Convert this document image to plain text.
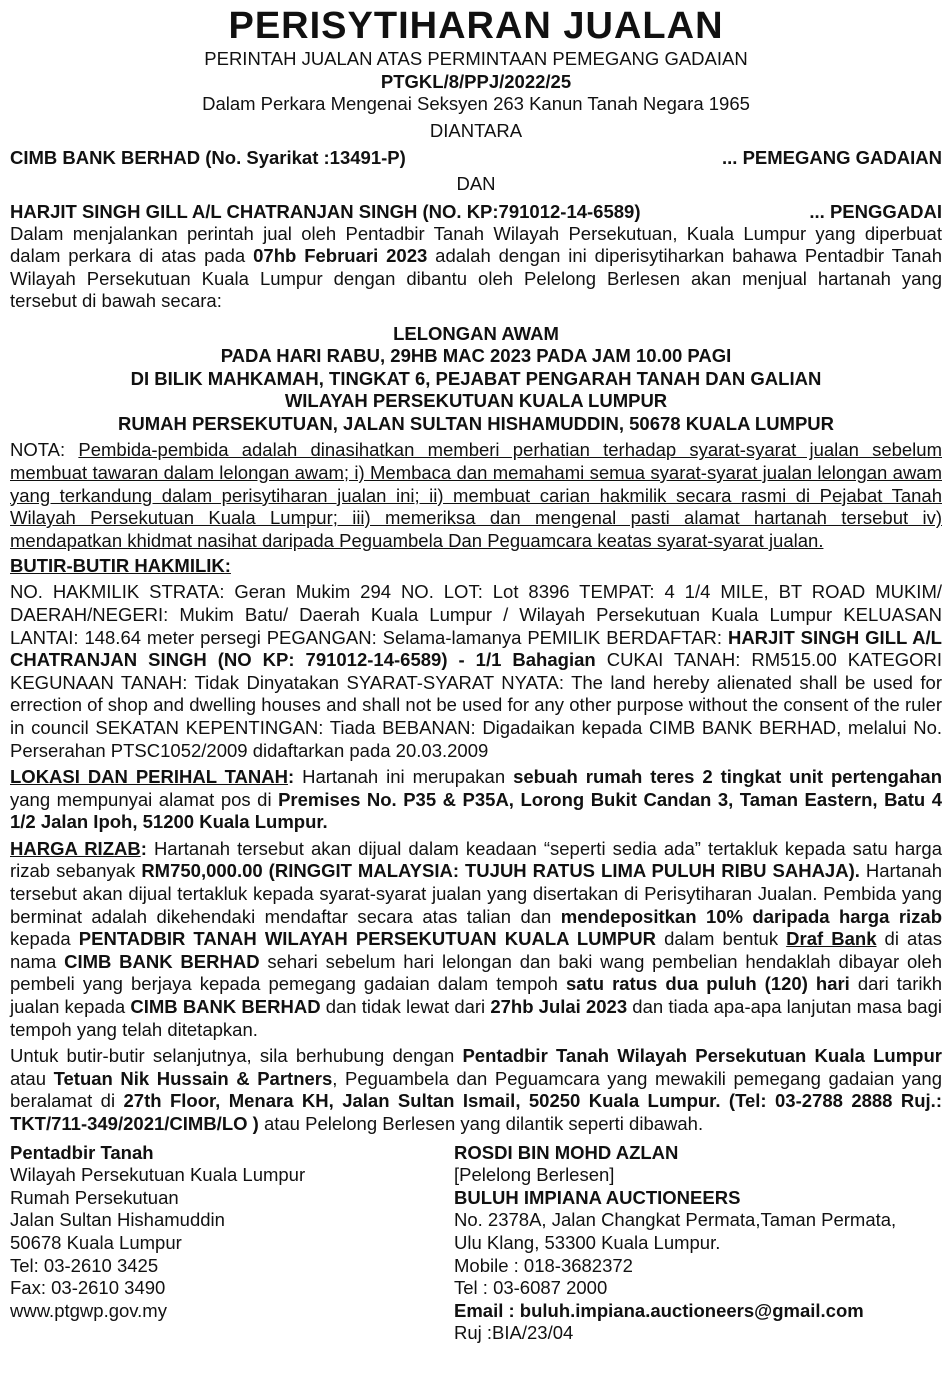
PERISYTIHARAN JUALAN
PERINTAH JUALAN ATAS PERMINTAAN PEMEGANG GADAIAN
PTGKL/8/PPJ/2022/25
Dalam Perkara Mengenai Seksyen 263 Kanun Tanah Negara 1965
DIANTARA
CIMB BANK BERHAD (No. Syarikat :13491-P)	... PEMEGANG GADAIAN
DAN
HARJIT SINGH GILL A/L CHATRANJAN SINGH (NO. KP:791012-14-6589)	... PENGGADAI

Dalam menjalankan perintah jual oleh Pentadbir Tanah Wilayah Persekutuan, Kuala Lumpur yang diperbuat dalam perkara di atas pada 07hb Februari 2023 adalah dengan ini diperisytiharkan bahawa Pentadbir Tanah Wilayah Persekutuan Kuala Lumpur dengan dibantu oleh Pelelong Berlesen akan menjual hartanah yang tersebut di bawah secara:

LELONGAN AWAM
PADA HARI RABU, 29HB MAC 2023 PADA JAM 10.00 PAGI
DI BILIK MAHKAMAH, TINGKAT 6, PEJABAT PENGARAH TANAH DAN GALIAN
WILAYAH PERSEKUTUAN KUALA LUMPUR
RUMAH PERSEKUTUAN, JALAN SULTAN HISHAMUDDIN, 50678 KUALA LUMPUR

NOTA: Pembida-pembida adalah dinasihatkan memberi perhatian terhadap syarat-syarat jualan sebelum membuat tawaran dalam lelongan awam; i) Membaca dan memahami semua syarat-syarat jualan lelongan awam yang terkandung dalam perisytiharan jualan ini; ii) membuat carian hakmilik secara rasmi di Pejabat Tanah Wilayah Persekutuan Kuala Lumpur; iii) memeriksa dan mengenal pasti alamat hartanah tersebut iv) mendapatkan khidmat nasihat daripada Peguambela Dan Peguamcara keatas syarat-syarat jualan.

BUTIR-BUTIR HAKMILIK:

NO. HAKMILIK STRATA: Geran Mukim 294 NO. LOT: Lot 8396 TEMPAT: 4 1/4 MILE, BT ROAD MUKIM/ DAERAH/NEGERI: Mukim Batu/ Daerah Kuala Lumpur / Wilayah Persekutuan Kuala Lumpur KELUASAN LANTAI: 148.64 meter persegi PEGANGAN: Selama-lamanya PEMILIK BERDAFTAR: HARJIT SINGH GILL A/L CHATRANJAN SINGH (NO KP: 791012-14-6589) - 1/1 Bahagian CUKAI TANAH: RM515.00 KATEGORI KEGUNAAN TANAH: Tidak Dinyatakan SYARAT-SYARAT NYATA: The land hereby alienated shall be used for errection of shop and dwelling houses and shall not be used for any other purpose without the consent of the ruler in council SEKATAN KEPENTINGAN: Tiada BEBANAN: Digadaikan kepada CIMB BANK BERHAD, melalui No. Perserahan PTSC1052/2009 didaftarkan pada 20.03.2009

LOKASI DAN PERIHAL TANAH: Hartanah ini merupakan sebuah rumah teres 2 tingkat unit pertengahan yang mempunyai alamat pos di Premises No. P35 & P35A, Lorong Bukit Candan 3, Taman Eastern, Batu 4 1/2 Jalan Ipoh, 51200 Kuala Lumpur.

HARGA RIZAB: Hartanah tersebut akan dijual dalam keadaan “seperti sedia ada” tertakluk kepada satu harga rizab sebanyak RM750,000.00 (RINGGIT MALAYSIA: TUJUH RATUS LIMA PULUH RIBU SAHAJA). Hartanah tersebut akan dijual tertakluk kepada syarat-syarat jualan yang disertakan di Perisytiharan Jualan. Pembida yang berminat adalah dikehendaki mendaftar secara atas talian dan mendepositkan 10% daripada harga rizab kepada PENTADBIR TANAH WILAYAH PERSEKUTUAN KUALA LUMPUR dalam bentuk Draf Bank di atas nama CIMB BANK BERHAD sehari sebelum hari lelongan dan baki wang pembelian hendaklah dibayar oleh pembeli yang berjaya kepada pemegang gadaian dalam tempoh satu ratus dua puluh (120) hari dari tarikh jualan kepada CIMB BANK BERHAD dan tidak lewat dari 27hb Julai 2023 dan tiada apa-apa lanjutan masa bagi tempoh yang telah ditetapkan.

Untuk butir-butir selanjutnya, sila berhubung dengan Pentadbir Tanah Wilayah Persekutuan Kuala Lumpur atau Tetuan Nik Hussain & Partners, Peguambela dan Peguamcara yang mewakili pemegang gadaian yang beralamat di 27th Floor, Menara KH, Jalan Sultan Ismail, 50250 Kuala Lumpur. (Tel: 03-2788 2888 Ruj.: TKT/711-349/2021/CIMB/LO ) atau Pelelong Berlesen yang dilantik seperti dibawah.

Pentadbir Tanah
Wilayah Persekutuan Kuala Lumpur
Rumah Persekutuan
Jalan Sultan Hishamuddin
50678 Kuala Lumpur
Tel: 03-2610 3425
Fax: 03-2610 3490
www.ptgwp.gov.my
ROSDI BIN MOHD AZLAN
[Pelelong Berlesen]
BULUH IMPIANA AUCTIONEERS
No. 2378A, Jalan Changkat Permata,Taman Permata,
Ulu Klang, 53300 Kuala Lumpur.
Mobile : 018-3682372
Tel : 03-6087 2000
Email : buluh.impiana.auctioneers@gmail.com
Ruj :BIA/23/04
